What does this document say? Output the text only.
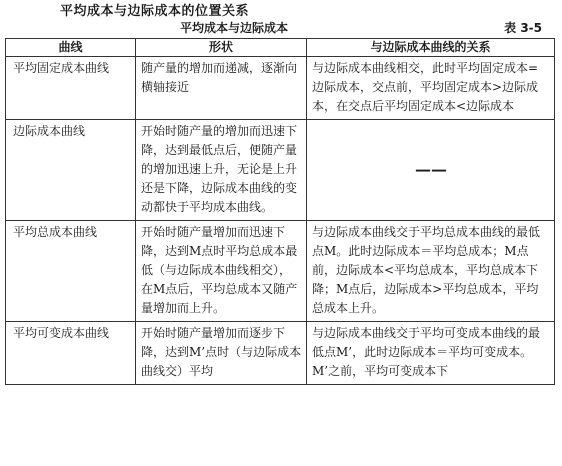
平均成本与边际成本的位置关系
平均成本与边际成本	表 3-5
曲线	形状	与边际成本曲线的关系
平均固定成本曲线	随产量的增加而递减，逐渐向横轴接近	与边际成本曲线相交，此时平均固定成本=边际成本，交点前，平均固定成本>边际成本，在交点后平均固定成本<边际成本
边际成本曲线	开始时随产量的增加而迅速下降，达到最低点后，便随产量的增加迅速上升，无论是上升还是下降，边际成本曲线的变动都快于平均成本曲线。	——
平均总成本曲线	开始时随产量增加而迅速下降，达到M点时平均总成本最低（与边际成本曲线相交），在M点后，平均总成本又随产量增加而上升。	与边际成本曲线交于平均总成本曲线的最低点M。此时边际成本＝平均总成本；M点前，边际成本<平均总成本，平均总成本下降；M点后，边际成本>平均总成本，平均总成本上升。
平均可变成本曲线	开始时随产量增加而逐步下降，达到M’点时（与边际成本曲线交）平均	与边际成本曲线交于平均可变成本曲线的最低点M’，此时边际成本＝平均可变成本。M’之前，平均可变成本下
